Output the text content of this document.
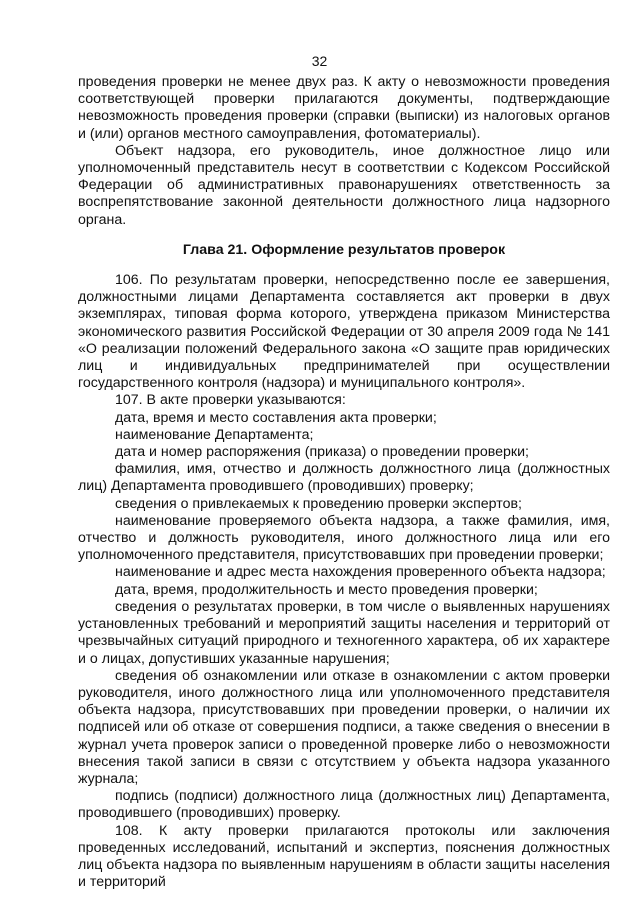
32

проведения проверки не менее двух раз. К акту о невозможности проведения соответствующей проверки прилагаются документы, подтверждающие невозможность проведения проверки (справки (выписки) из налоговых органов и (или) органов местного самоуправления, фотоматериалы).

Объект надзора, его руководитель, иное должностное лицо или уполномоченный представитель несут в соответствии с Кодексом Российской Федерации об административных правонарушениях ответственность за воспрепятствование законной деятельности должностного лица надзорного органа.

Глава 21. Оформление результатов проверок

106. По результатам проверки, непосредственно после ее завершения, должностными лицами Департамента составляется акт проверки в двух экземплярах, типовая форма которого, утверждена приказом Министерства экономического развития Российской Федерации от 30 апреля 2009 года № 141 «О реализации положений Федерального закона «О защите прав юридических лиц и индивидуальных предпринимателей при осуществлении государственного контроля (надзора) и муниципального контроля».

107. В акте проверки указываются:

дата, время и место составления акта проверки;

наименование Департамента;

дата и номер распоряжения (приказа) о проведении проверки;

фамилия, имя, отчество и должность должностного лица (должностных лиц) Департамента проводившего (проводивших) проверку;

сведения о привлекаемых к проведению проверки экспертов;

наименование проверяемого объекта надзора, а также фамилия, имя, отчество и должность руководителя, иного должностного лица или его уполномоченного представителя, присутствовавших при проведении проверки;

наименование и адрес места нахождения проверенного объекта надзора;

дата, время, продолжительность и место проведения проверки;

сведения о результатах проверки, в том числе о выявленных нарушениях установленных требований и мероприятий защиты населения и территорий от чрезвычайных ситуаций природного и техногенного характера, об их характере и о лицах, допустивших указанные нарушения;

сведения об ознакомлении или отказе в ознакомлении с актом проверки руководителя, иного должностного лица или уполномоченного представителя объекта надзора, присутствовавших при проведении проверки, о наличии их подписей или об отказе от совершения подписи, а также сведения о внесении в журнал учета проверок записи о проведенной проверке либо о невозможности внесения такой записи в связи с отсутствием у объекта надзора указанного журнала;

подпись (подписи) должностного лица (должностных лиц) Департамента, проводившего (проводивших) проверку.

108. К акту проверки прилагаются протоколы или заключения проведенных исследований, испытаний и экспертиз, пояснения должностных лиц объекта надзора по выявленным нарушениям в области защиты населения и территорий
